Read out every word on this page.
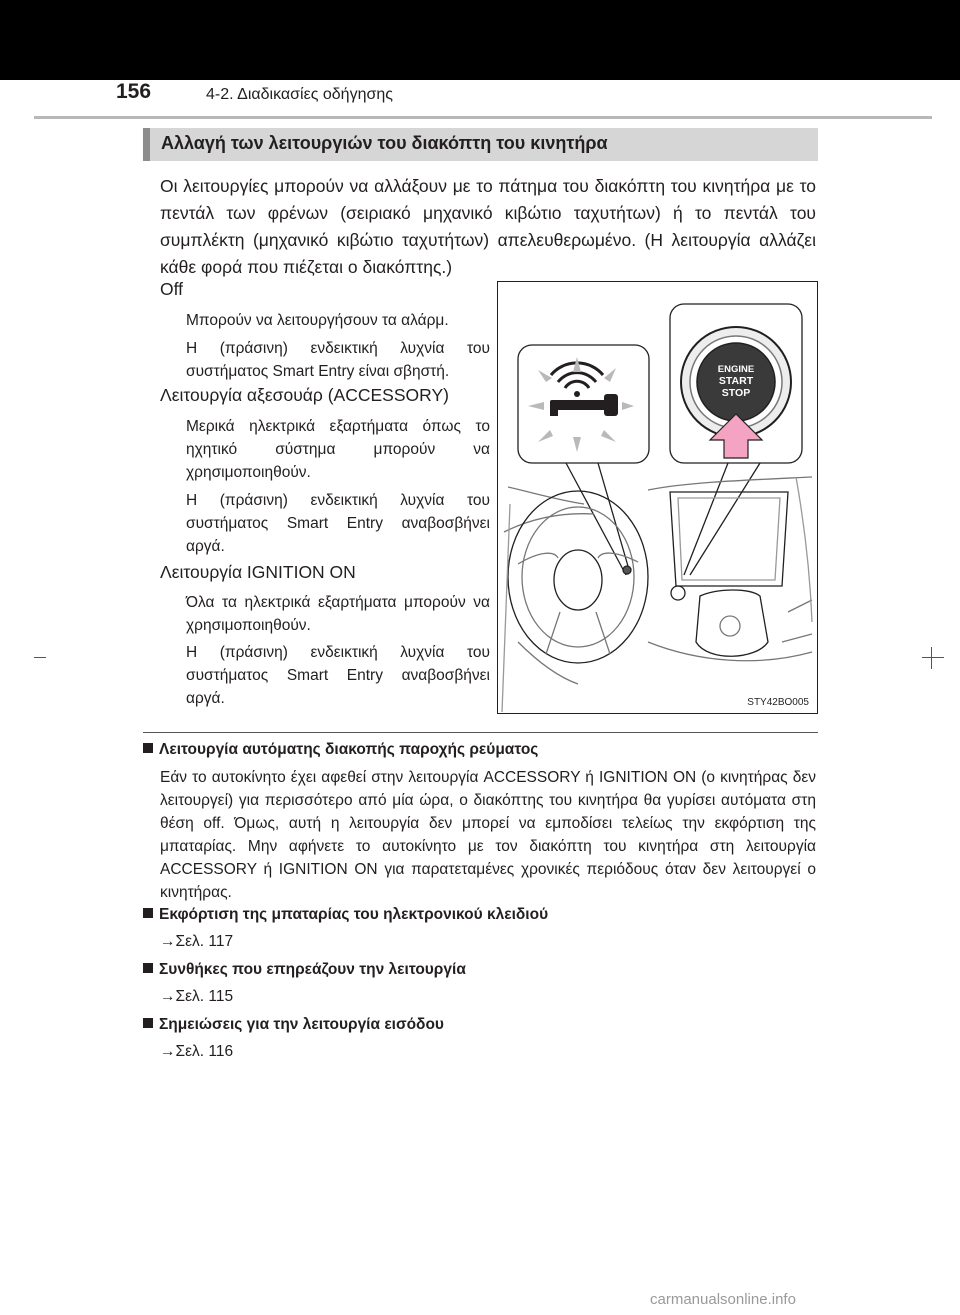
156	4-2. Διαδικασίες οδήγησης
Αλλαγή των λειτουργιών του διακόπτη του κινητήρα

Οι λειτουργίες μπορούν να αλλάξουν με το πάτημα του διακόπτη του κινητήρα με το πεντάλ των φρένων (σειριακό μηχανικό κιβώτιο ταχυτήτων) ή το πεντάλ του συμπλέκτη (μηχανικό κιβώτιο ταχυτήτων) απελευθερωμένο. (Η λειτουργία αλλάζει κάθε φορά που πιέζεται ο διακόπτης.)

Off

Μπορούν να λειτουργήσουν τα αλάρμ.

Η (πράσινη) ενδεικτική λυχνία του συστήματος Smart Entry είναι σβηστή.

Λειτουργία αξεσουάρ (ACCESSORY)

Μερικά ηλεκτρικά εξαρτήματα όπως το ηχητικό σύστημα μπορούν να χρησιμοποιηθούν.

Η (πράσινη) ενδεικτική λυχνία του συστήματος Smart Entry αναβοσβήνει αργά.

Λειτουργία IGNITION ON

Όλα τα ηλεκτρικά εξαρτήματα μπορούν να χρησιμοποιηθούν.

Η (πράσινη) ενδεικτική λυχνία του συστήματος Smart Entry αναβοσβήνει αργά.

ENGINE
START
STOP
STY42BO005
Λειτουργία αυτόματης διακοπής παροχής ρεύματος

Εάν το αυτοκίνητο έχει αφεθεί στην λειτουργία ACCESSORY ή IGNITION ON (ο κινητήρας δεν λειτουργεί) για περισσότερο από μία ώρα, ο διακόπτης του κινητήρα θα γυρίσει αυτόματα στη θέση off. Όμως, αυτή η λειτουργία δεν μπορεί να εμποδίσει τελείως την εκφόρτιση της μπαταρίας. Μην αφήνετε το αυτοκίνητο με τον διακόπτη του κινητήρα στη λειτουργία ACCESSORY ή IGNITION ON για παρατεταμένες χρονικές περιόδους όταν δεν λειτουργεί ο κινητήρας.

Εκφόρτιση της μπαταρίας του ηλεκτρονικού κλειδιού
→Σελ. 117
Συνθήκες που επηρεάζουν την λειτουργία
→Σελ. 115
Σημειώσεις για την λειτουργία εισόδου
→Σελ. 116
carmanualsonline.info
